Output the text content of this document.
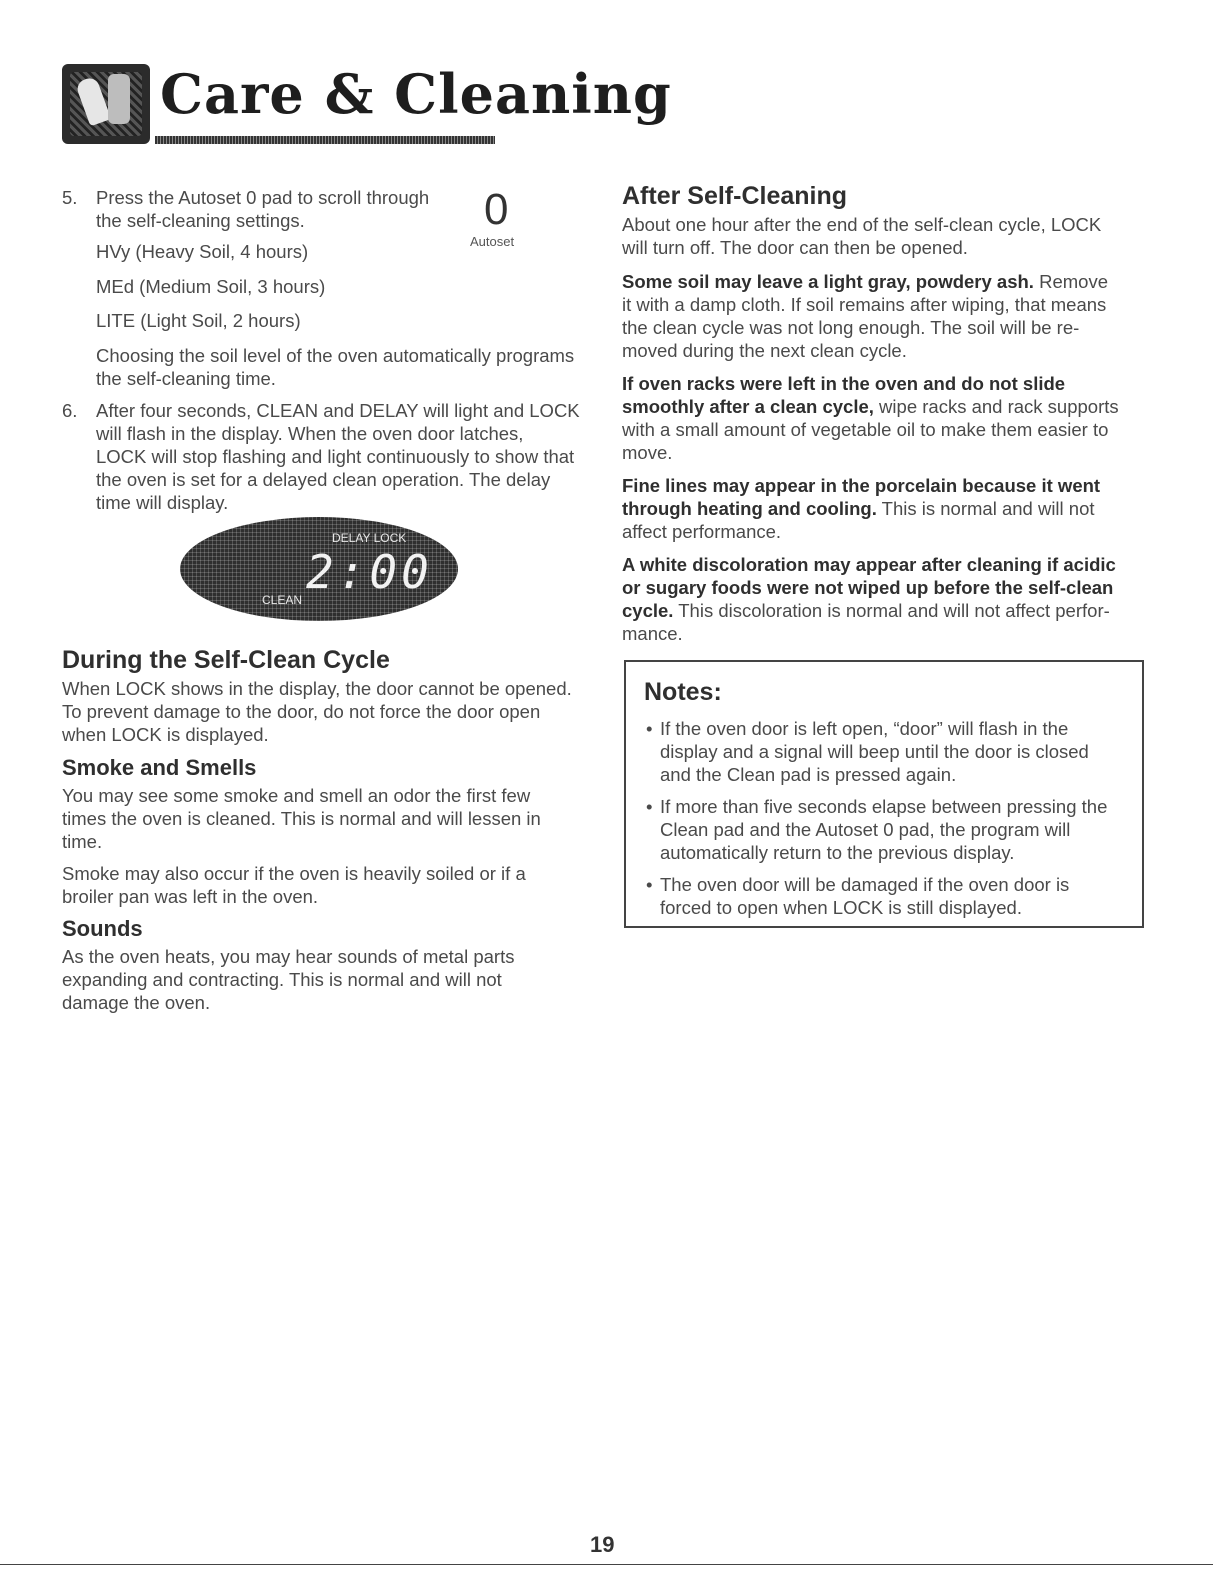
Care & Cleaning
5. Press the Autoset 0 pad to scroll through
the self-cleaning settings.
HVy (Heavy Soil, 4 hours)
MEd (Medium Soil, 3 hours)
LITE (Light Soil, 2 hours)
Choosing the soil level of the oven automatically programs
the self-cleaning time.
0
Autoset
6. After four seconds, CLEAN and DELAY will light and LOCK
will flash in the display. When the oven door latches,
LOCK will stop flashing and light continuously to show that
the oven is set for a delayed clean operation. The delay
time will display.
DELAY LOCK
2:00
CLEAN
During the Self-Clean Cycle
When LOCK shows in the display, the door cannot be opened.
To prevent damage to the door, do not force the door open
when LOCK is displayed.
Smoke and Smells
You may see some smoke and smell an odor the first few
times the oven is cleaned. This is normal and will lessen in
time.
Smoke may also occur if the oven is heavily soiled or if a
broiler pan was left in the oven.
Sounds
As the oven heats, you may hear sounds of metal parts
expanding and contracting. This is normal and will not
damage the oven.
After Self-Cleaning
About one hour after the end of the self-clean cycle, LOCK
will turn off. The door can then be opened.
Some soil may leave a light gray, powdery ash. Remove
it with a damp cloth. If soil remains after wiping, that means
the clean cycle was not long enough. The soil will be re-
moved during the next clean cycle.
If oven racks were left in the oven and do not slide
smoothly after a clean cycle, wipe racks and rack supports
with a small amount of vegetable oil to make them easier to
move.
Fine lines may appear in the porcelain because it went
through heating and cooling. This is normal and will not
affect performance.
A white discoloration may appear after cleaning if acidic
or sugary foods were not wiped up before the self-clean
cycle. This discoloration is normal and will not affect perfor-
mance.
Notes:
• If the oven door is left open, “door” will flash in the
display and a signal will beep until the door is closed
and the Clean pad is pressed again.
• If more than five seconds elapse between pressing the
Clean pad and the Autoset 0 pad, the program will
automatically return to the previous display.
• The oven door will be damaged if the oven door is
forced to open when LOCK is still displayed.
19
